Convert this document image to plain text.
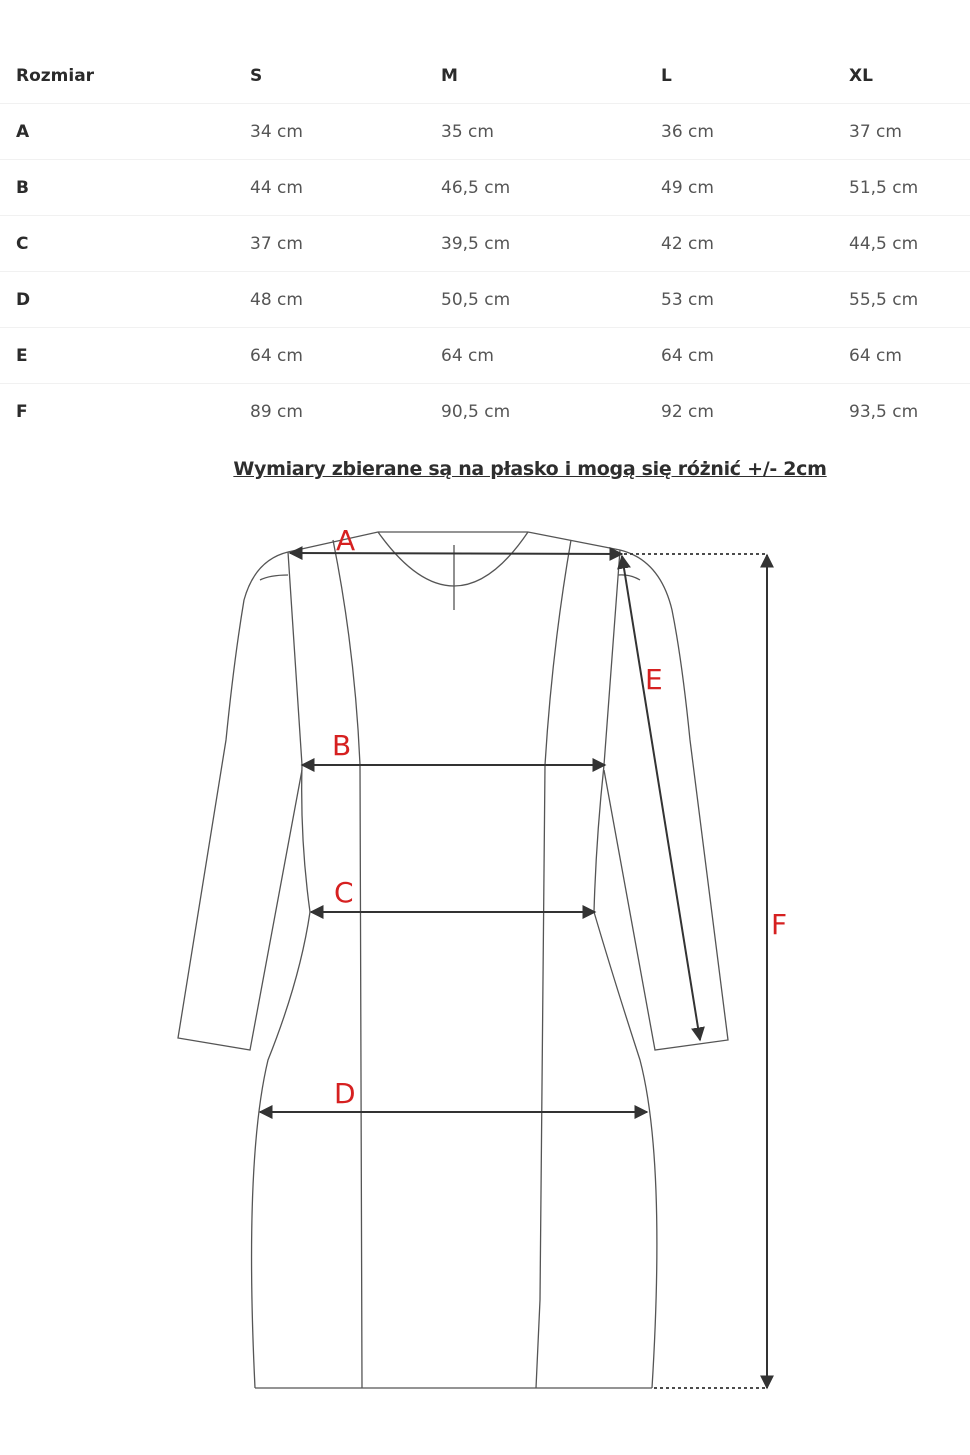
Rozmiar	S	M	L	XL
A	34 cm	35 cm	36 cm	37 cm
B	44 cm	46,5 cm	49 cm	51,5 cm
C	37 cm	39,5 cm	42 cm	44,5 cm
D	48 cm	50,5 cm	53 cm	55,5 cm
E	64 cm	64 cm	64 cm	64 cm
F	89 cm	90,5 cm	92 cm	93,5 cm
Wymiary zbierane są na płasko i mogą się różnić +/- 2cm
A
B
C
D
E
F
